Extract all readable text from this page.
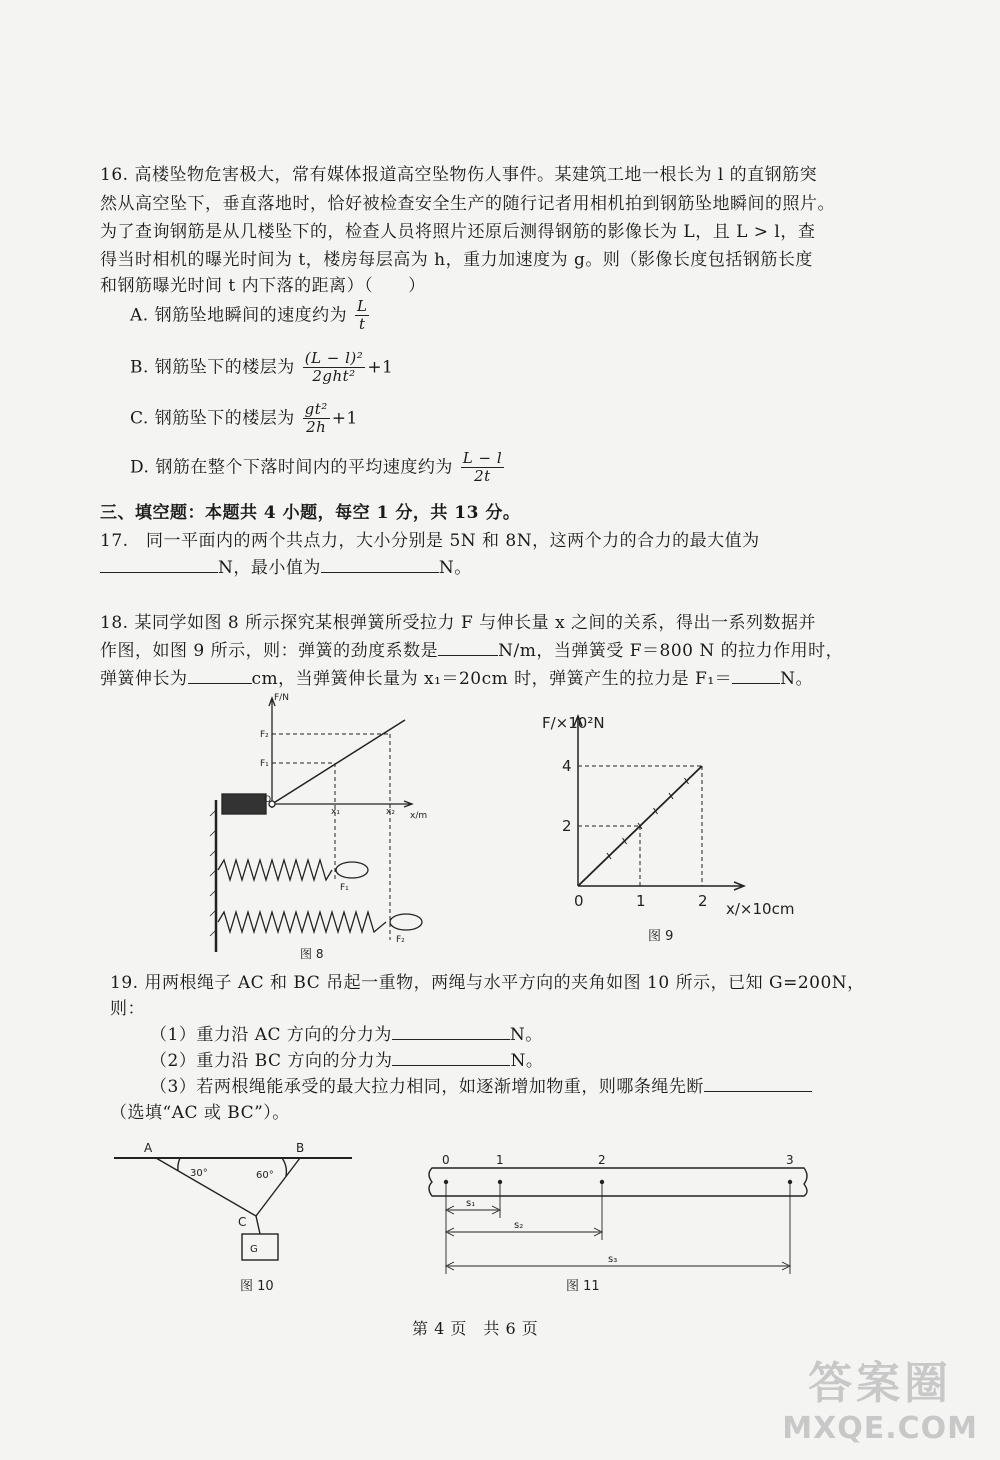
16. 高楼坠物危害极大，常有媒体报道高空坠物伤人事件。某建筑工地一根长为 l 的直钢筋突
然从高空坠下，垂直落地时，恰好被检查安全生产的随行记者用相机拍到钢筋坠地瞬间的照片。
为了查询钢筋是从几楼坠下的，检查人员将照片还原后测得钢筋的影像长为 L，且 L > l，查
得当时相机的曝光时间为 t，楼房每层高为 h，重力加速度为 g。则（影像长度包括钢筋长度
和钢筋曝光时间 t 内下落的距离）（　　）
A. 钢筋坠地瞬间的速度约为 $\frac{L}{t}$
B. 钢筋坠下的楼层为 $\frac{\text{(L − l)²}}{\text{2ght²}} +1$
C. 钢筋坠下的楼层为 $\frac{\text{gt²}}{2h} +1$
D. 钢筋在整个下落时间内的平均速度约为 $\frac{L - l}{2t}$
三、填空题：本题共 4 小题，每空 1 分，共 13 分。
17.　同一平面内的两个共点力，大小分别是 5N 和 8N，这两个力的合力的最大值为
N，最小值为	N。
18. 某同学如图 8 所示探究某根弹簧所受拉力 F 与伸长量 x 之间的关系，得出一系列数据并
作图，如图 9 所示，则：弹簧的劲度系数是	N/m，当弹簧受 F＝800 N 的拉力作用时，
弹簧伸长为	cm，当弹簧伸长量为 x₁＝20cm 时，弹簧产生的拉力是 F₁＝	N。
F/N
x/m
O
F₂
F₁
x₁	x₂
F₁
F₂
图 8
0	1	2
2
4
F/×10²N
x/×10cm
图 9
19. 用两根绳子 AC 和 BC 吊起一重物，两绳与水平方向的夹角如图 10 所示，已知 G=200N，
则：
（1）重力沿 AC 方向的分力为	N。
（2）重力沿 BC 方向的分力为	N。
（3）若两根绳能承受的最大拉力相同，如逐渐增加物重，则哪条绳先断
（选填“AC 或 BC”）。
A	B
C
30°	60°
G
图 10
0	1	2	3
s₁
s₂
s₃
图 11
第 4 页　共 6 页
答案圈
MXQE.COM
